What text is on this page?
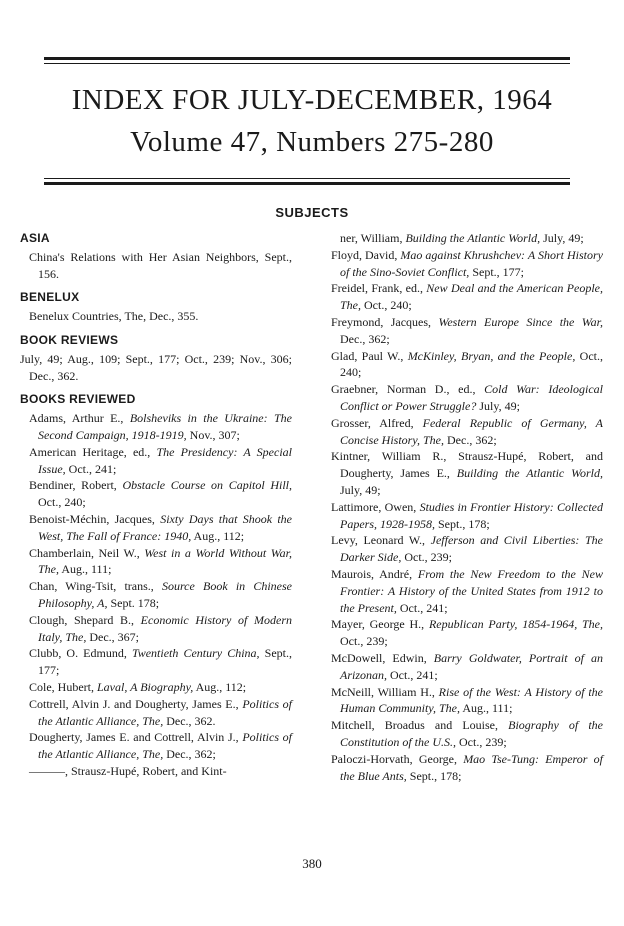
INDEX FOR JULY-DECEMBER, 1964
Volume 47, Numbers 275-280
SUBJECTS
ASIA
China's Relations with Her Asian Neighbors, Sept., 156.
BENELUX
Benelux Countries, The, Dec., 355.
BOOK REVIEWS
July, 49; Aug., 109; Sept., 177; Oct., 239; Nov., 306; Dec., 362.
BOOKS REVIEWED
Adams, Arthur E., Bolsheviks in the Ukraine: The Second Campaign, 1918-1919, Nov., 307;
American Heritage, ed., The Presidency: A Special Issue, Oct., 241;
Bendiner, Robert, Obstacle Course on Capitol Hill, Oct., 240;
Benoist-Méchin, Jacques, Sixty Days that Shook the West, The Fall of France: 1940, Aug., 112;
Chamberlain, Neil W., West in a World Without War, The, Aug., 111;
Chan, Wing-Tsit, trans., Source Book in Chinese Philosophy, A, Sept. 178;
Clough, Shepard B., Economic History of Modern Italy, The, Dec., 367;
Clubb, O. Edmund, Twentieth Century China, Sept., 177;
Cole, Hubert, Laval, A Biography, Aug., 112;
Cottrell, Alvin J. and Dougherty, James E., Politics of the Atlantic Alliance, The, Dec., 362.
Dougherty, James E. and Cottrell, Alvin J., Politics of the Atlantic Alliance, The, Dec., 362;
———, Strausz-Hupé, Robert, and Kint-
ner, William, Building the Atlantic World, July, 49;
Floyd, David, Mao against Khrushchev: A Short History of the Sino-Soviet Conflict, Sept., 177;
Freidel, Frank, ed., New Deal and the American People, The, Oct., 240;
Freymond, Jacques, Western Europe Since the War, Dec., 362;
Glad, Paul W., McKinley, Bryan, and the People, Oct., 240;
Graebner, Norman D., ed., Cold War: Ideological Conflict or Power Struggle? July, 49;
Grosser, Alfred, Federal Republic of Germany, A Concise History, The, Dec., 362;
Kintner, William R., Strausz-Hupé, Robert, and Dougherty, James E., Building the Atlantic World, July, 49;
Lattimore, Owen, Studies in Frontier History: Collected Papers, 1928-1958, Sept., 178;
Levy, Leonard W., Jefferson and Civil Liberties: The Darker Side, Oct., 239;
Maurois, André, From the New Freedom to the New Frontier: A History of the United States from 1912 to the Present, Oct., 241;
Mayer, George H., Republican Party, 1854-1964, The, Oct., 239;
McDowell, Edwin, Barry Goldwater, Portrait of an Arizonan, Oct., 241;
McNeill, William H., Rise of the West: A History of the Human Community, The, Aug., 111;
Mitchell, Broadus and Louise, Biography of the Constitution of the U.S., Oct., 239;
Paloczi-Horvath, George, Mao Tse-Tung: Emperor of the Blue Ants, Sept., 178;
380
